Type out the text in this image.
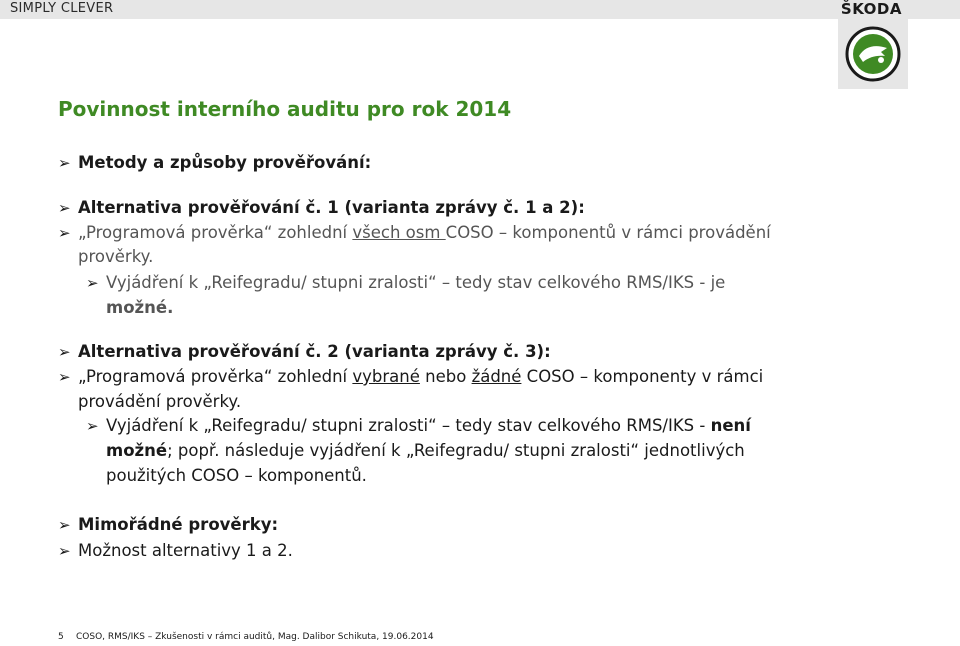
SIMPLY CLEVER	ŠKODA
Povinnost interního auditu pro rok 2014
➢ Metody a způsoby prověřování:
➢ Alternativa prověřování č. 1 (varianta zprávy č. 1 a 2):
➢ „Programová prověrka“ zohlední všech osm COSO – komponentů v rámci provádění
prověrky.
➢ Vyjádření k „Reifegradu/ stupni zralosti“ – tedy stav celkového RMS/IKS - je
možné.
➢ Alternativa prověřování č. 2 (varianta zprávy č. 3):
➢ „Programová prověrka“ zohlední vybrané nebo žádné COSO – komponenty v rámci
provádění prověrky.
➢ Vyjádření k „Reifegradu/ stupni zralosti“ – tedy stav celkového RMS/IKS - není
možné; popř. následuje vyjádření k „Reifegradu/ stupni zralosti“ jednotlivých
použitých COSO – komponentů.
➢ Mimořádné prověrky:
➢ Možnost alternativy 1 a 2.
5 COSO, RMS/IKS – Zkušenosti v rámci auditů, Mag. Dalibor Schikuta, 19.06.2014
